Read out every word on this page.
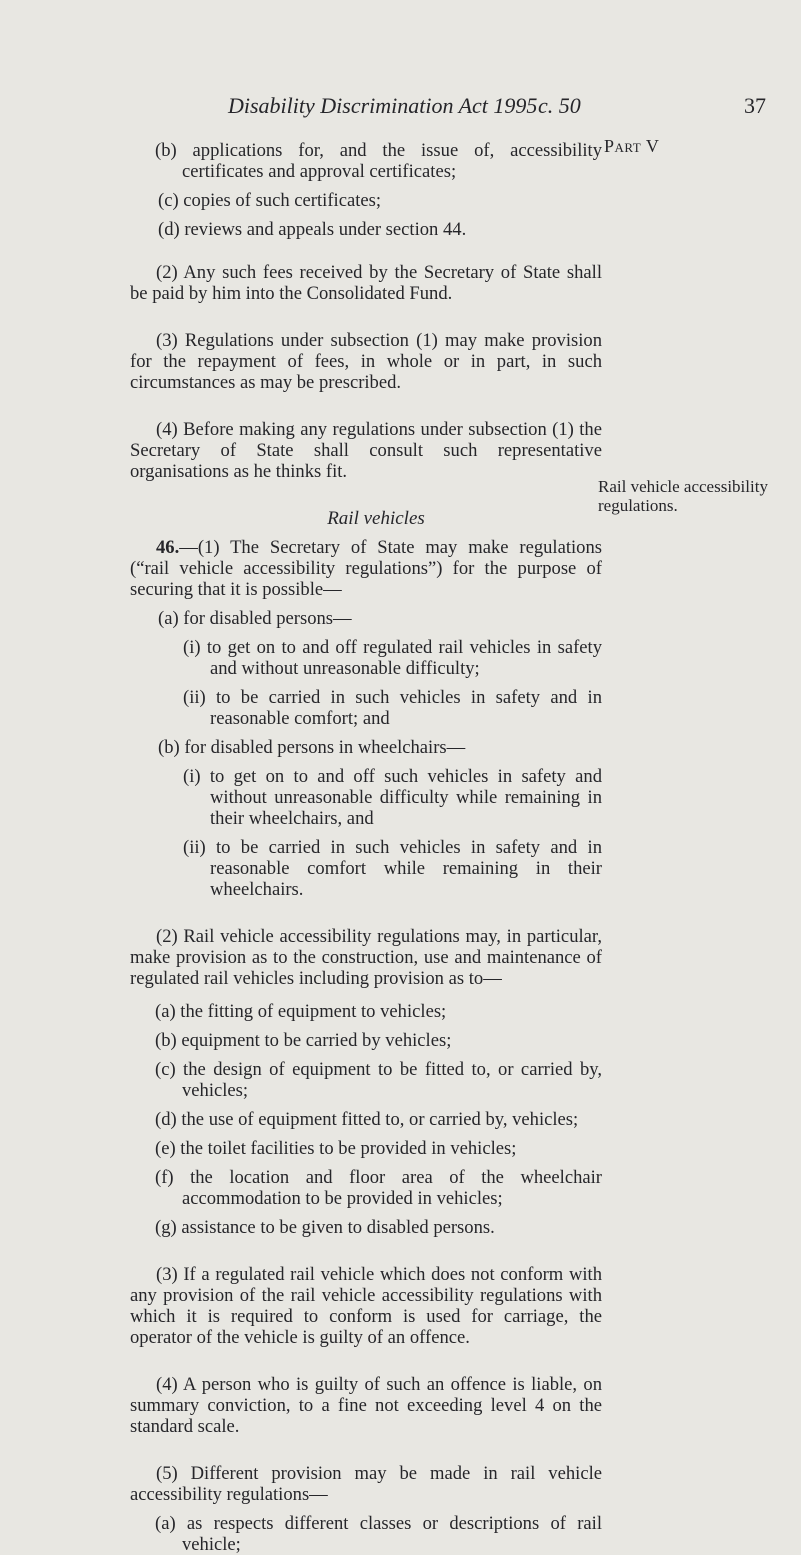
Disability Discrimination Act 1995 c. 50	37
Part V
Rail vehicle accessibility regulations.

(b) applications for, and the issue of, accessibility certificates and approval certificates;

(c) copies of such certificates;

(d) reviews and appeals under section 44.

(2) Any such fees received by the Secretary of State shall be paid by him into the Consolidated Fund.

(3) Regulations under subsection (1) may make provision for the repayment of fees, in whole or in part, in such circumstances as may be prescribed.

(4) Before making any regulations under subsection (1) the Secretary of State shall consult such representative organisations as he thinks fit.

Rail vehicles

46.—(1) The Secretary of State may make regulations (“rail vehicle accessibility regulations”) for the purpose of securing that it is possible—

(a) for disabled persons—

(i) to get on to and off regulated rail vehicles in safety and without unreasonable difficulty;

(ii) to be carried in such vehicles in safety and in reasonable comfort; and

(b) for disabled persons in wheelchairs—

(i) to get on to and off such vehicles in safety and without unreasonable difficulty while remaining in their wheelchairs, and

(ii) to be carried in such vehicles in safety and in reasonable comfort while remaining in their wheelchairs.

(2) Rail vehicle accessibility regulations may, in particular, make provision as to the construction, use and maintenance of regulated rail vehicles including provision as to—

(a) the fitting of equipment to vehicles;

(b) equipment to be carried by vehicles;

(c) the design of equipment to be fitted to, or carried by, vehicles;

(d) the use of equipment fitted to, or carried by, vehicles;

(e) the toilet facilities to be provided in vehicles;

(f) the location and floor area of the wheelchair accommodation to be provided in vehicles;

(g) assistance to be given to disabled persons.

(3) If a regulated rail vehicle which does not conform with any provision of the rail vehicle accessibility regulations with which it is required to conform is used for carriage, the operator of the vehicle is guilty of an offence.

(4) A person who is guilty of such an offence is liable, on summary conviction, to a fine not exceeding level 4 on the standard scale.

(5) Different provision may be made in rail vehicle accessibility regulations—

(a) as respects different classes or descriptions of rail vehicle;
